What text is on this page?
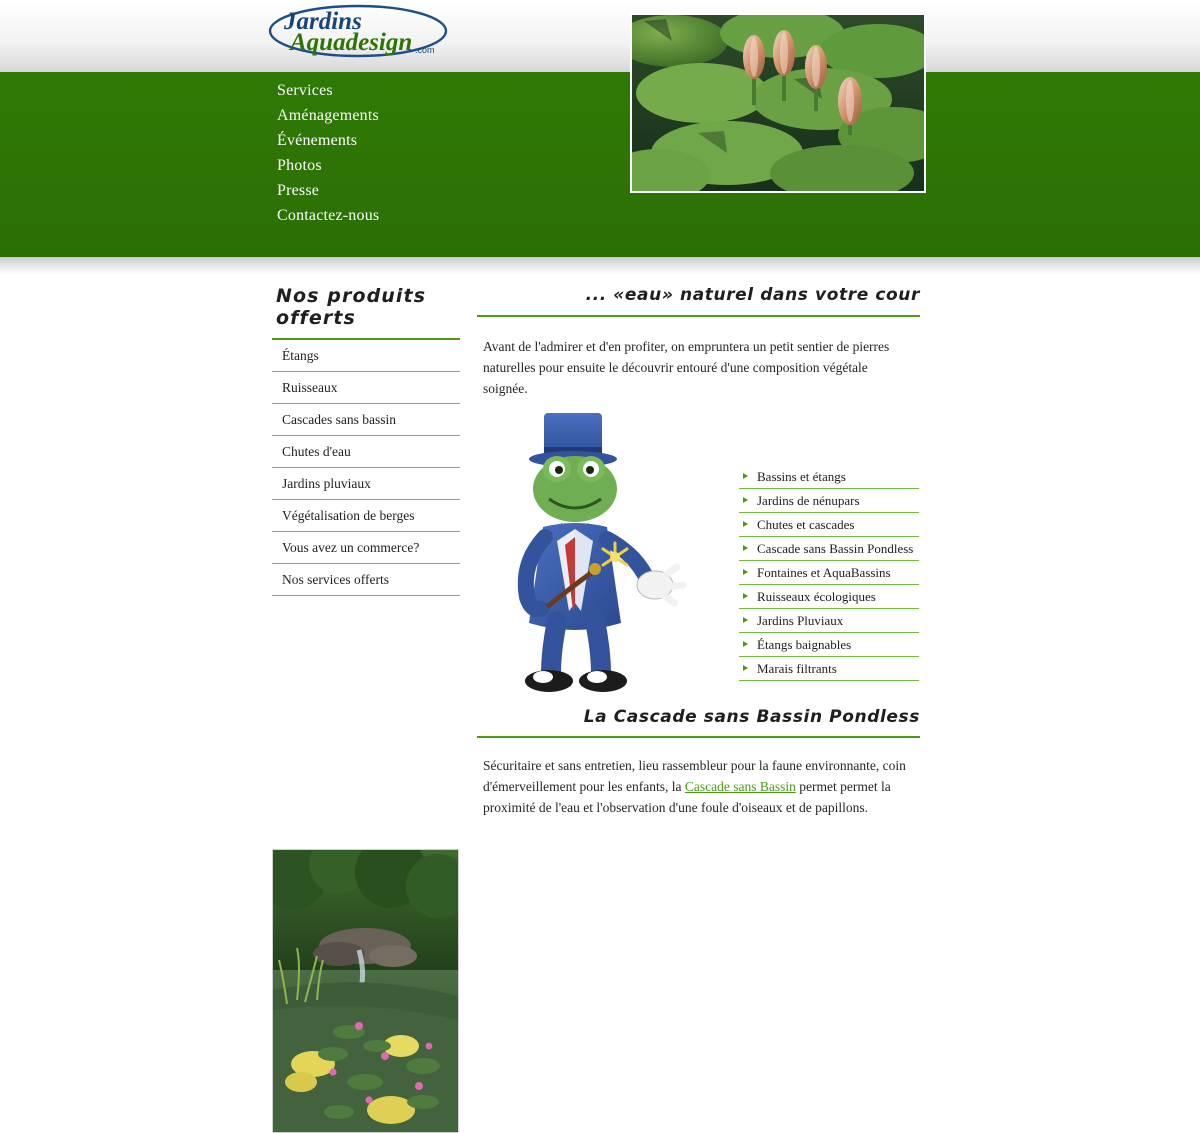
Jardins
Aquadesign .com
Services
Aménagements
Événements
Photos
Presse
Contactez-nous
Nos produits offerts
Étangs
Ruisseaux
Cascades sans bassin
Chutes d'eau
Jardins pluviaux
Végétalisation de berges
Vous avez un commerce?
Nos services offerts
... «eau» naturel dans votre cour

Avant de l'admirer et d'en profiter, on empruntera un petit sentier de pierres naturelles pour ensuite le découvrir entouré d'une composition végétale soignée.

Bassins et étangs
Jardins de nénupars
Chutes et cascades
Cascade sans Bassin Pondless
Fontaines et AquaBassins
Ruisseaux écologiques
Jardins Pluviaux
Étangs baignables
Marais filtrants
La Cascade sans Bassin Pondless

Sécuritaire et sans entretien, lieu rassembleur pour la faune environnante, coin d'émerveillement pour les enfants, la Cascade sans Bassin permet permet la proximité de l'eau et l'observation d'une foule d'oiseaux et de papillons.
